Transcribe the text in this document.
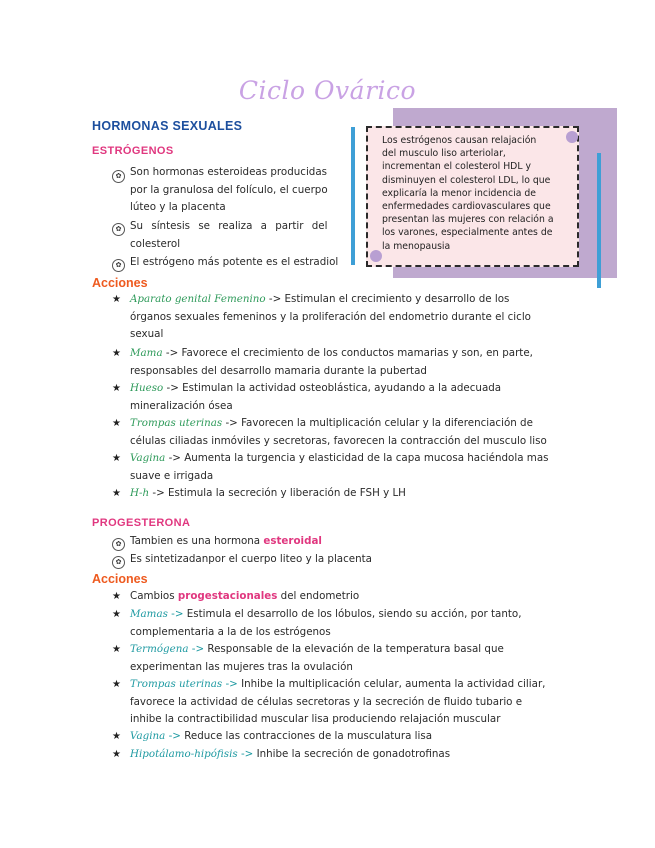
Ciclo Ovárico

Los estrógenos causan relajación

del musculo liso arteriolar,

incrementan el colesterol HDL y

disminuyen el colesterol LDL, lo que

explicaría la menor incidencia de

enfermedades cardiovasculares que

presentan las mujeres con relación a

los varones, especialmente antes de

la menopausia

HORMONAS SEXUALES
ESTRÓGENOS
✿ Son hormonas esteroideas producidas

por la granulosa del folículo, el cuerpo

lúteo y la placenta

✿ Su síntesis se realiza a partir del

colesterol

✿ El estrógeno más potente es el estradiol

Acciones
★ Aparato genital Femenino -> Estimulan el crecimiento y desarrollo de los

órganos sexuales femeninos y la proliferación del endometrio durante el ciclo

sexual

★ Mama -> Favorece el crecimiento de los conductos mamarias y son, en parte,

responsables del desarrollo mamaria durante la pubertad

★ Hueso -> Estimulan la actividad osteoblástica, ayudando a la adecuada

mineralización ósea

★ Trompas uterinas -> Favorecen la multiplicación celular y la diferenciación de

células ciliadas inmóviles y secretoras, favorecen la contracción del musculo liso

★ Vagina -> Aumenta la turgencia y elasticidad de la capa mucosa haciéndola mas

suave e irrigada

★ H-h -> Estimula la secreción y liberación de FSH y LH

PROGESTERONA
✿ Tambien es una hormona esteroidal

✿ Es sintetizadanpor el cuerpo liteo y la placenta

Acciones
★ Cambios progestacionales del endometrio

★ Mamas -> Estimula el desarrollo de los lóbulos, siendo su acción, por tanto,

complementaria a la de los estrógenos

★ Termógena -> Responsable de la elevación de la temperatura basal que

experimentan las mujeres tras la ovulación

★ Trompas uterinas -> Inhibe la multiplicación celular, aumenta la actividad ciliar,

favorece la actividad de células secretoras y la secreción de fluido tubario e

inhibe la contractibilidad muscular lisa produciendo relajación muscular

★ Vagina -> Reduce las contracciones de la musculatura lisa

★ Hipotálamo-hipófisis -> Inhibe la secreción de gonadotrofinas
